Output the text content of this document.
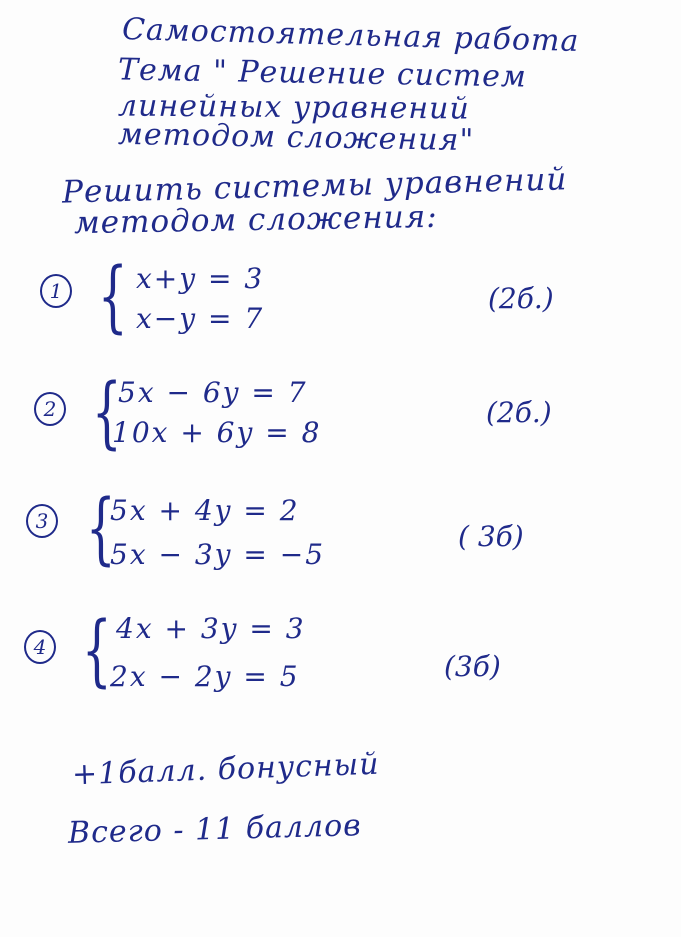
Самостоятельная работа
Тема " Решение систем
линейных уравнений
методом сложения"
Решить системы уравнений
методом сложения:
1 { x+y = 3
x−y = 7
(2б.)
2 {
5x − 6y = 7
10x + 6y = 8
(2б.)
3 {
5x + 4y = 2
5x − 3y = −5
( 3б)
4 { 4x + 3y = 3
2x − 2y = 5	(3б)
+1балл. бонусный
Всего - 11 баллов
